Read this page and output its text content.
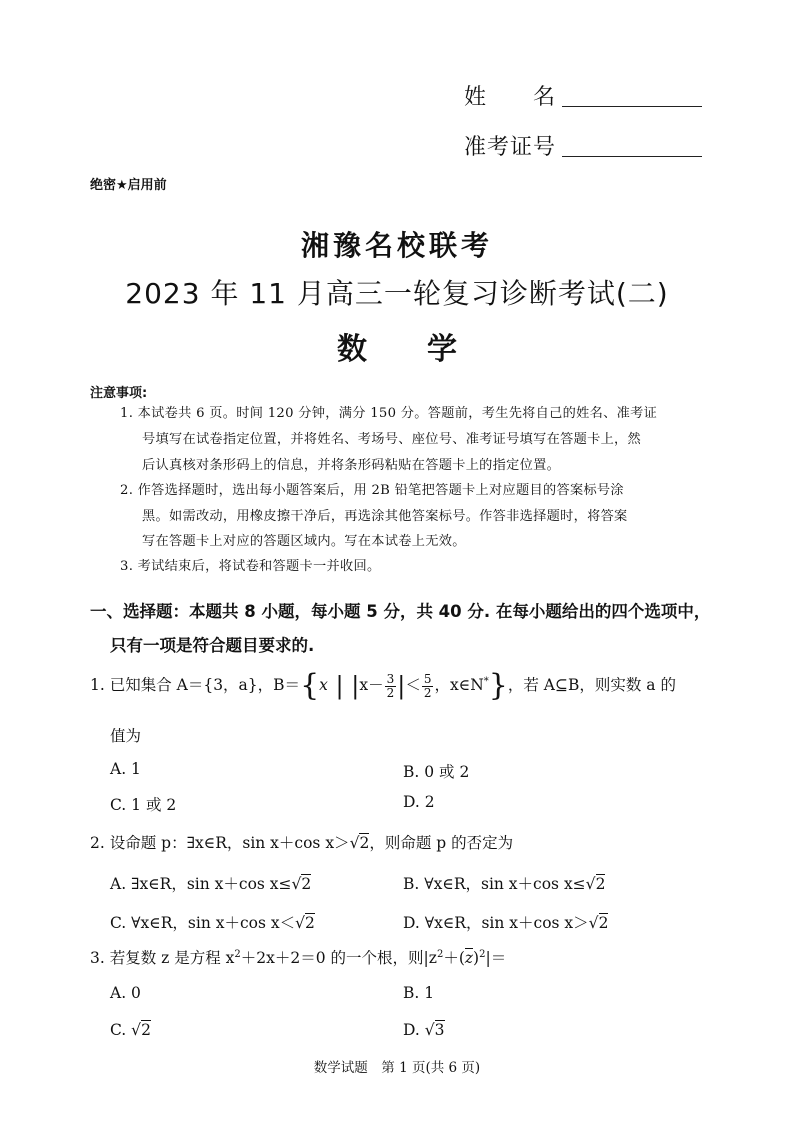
姓　　名
准考证号
绝密★启用前
湘豫名校联考
2023 年 11 月高三一轮复习诊断考试(二)
数　　学
注意事项:
1. 本试卷共 6 页。时间 120 分钟，满分 150 分。答题前，考生先将自己的姓名、准考证
号填写在试卷指定位置，并将姓名、考场号、座位号、准考证号填写在答题卡上，然
后认真核对条形码上的信息，并将条形码粘贴在答题卡上的指定位置。
2. 作答选择题时，选出每小题答案后，用 2B 铅笔把答题卡上对应题目的答案标号涂
黑。如需改动，用橡皮擦干净后，再选涂其他答案标号。作答非选择题时，将答案
写在答题卡上对应的答题区域内。写在本试卷上无效。
3. 考试结束后，将试卷和答题卡一并收回。
一、选择题：本题共 8 小题，每小题 5 分，共 40 分. 在每小题给出的四个选项中，
只有一项是符合题目要求的.
1. 已知集合 A＝{3，a}，B＝{x | $|x- \frac{3}{2}$ |＜ $\frac{5}{2}$ ，x∈N*}，若 A⊆B，则实数 a 的
值为
A. 1	B. 0 或 2
C. 1 或 2	D. 2
2. 设命题 p：∃x∈R，sin x＋cos x＞√2，则命题 p 的否定为
A. ∃x∈R，sin x＋cos x≤√2	B. ∀x∈R，sin x＋cos x≤√2
C. ∀x∈R，sin x＋cos x＜√2	D. ∀x∈R，sin x＋cos x＞√2
3. 若复数 z 是方程 $x^2+2x+2=0$ 的一个根，则$|z^2+(z)^2|=$
A. 0	B. 1
C. √2	D. √3
数学试题　第 1 页(共 6 页)
